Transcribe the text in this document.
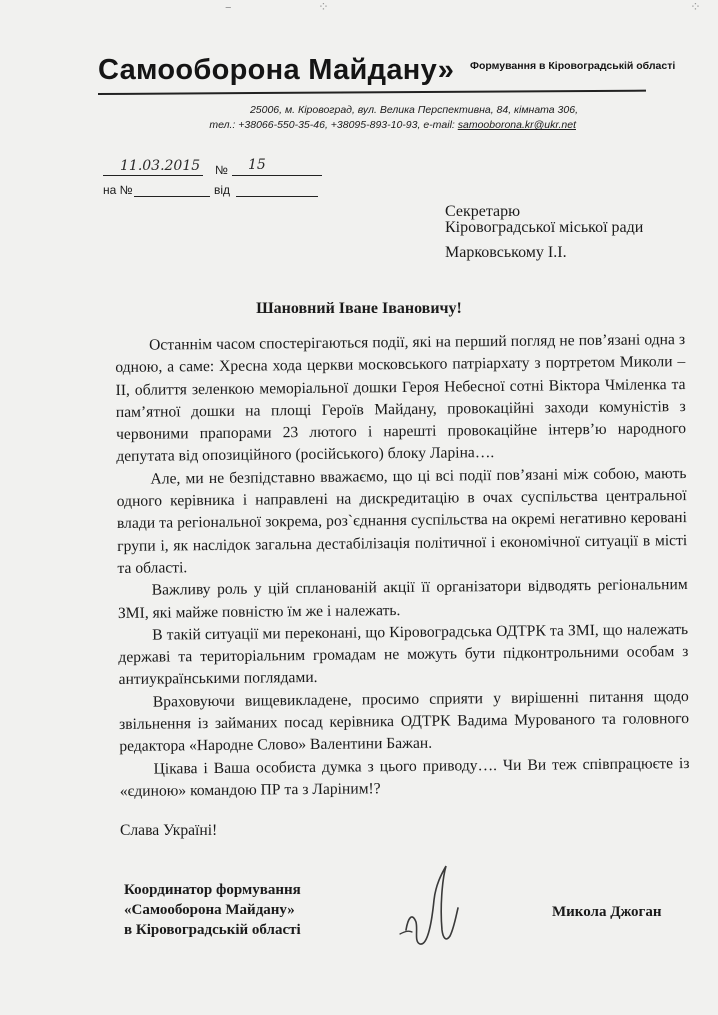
–	⁘	⁘
Самооборона Майдану» Формування в Кіровоградській області
25006, м. Кіровоград, вул. Велика Перспективна, 84, кімната 306,
тел.: +38066-550-35-46, +38095-893-10-93, e-mail: samooborona.kr@ukr.net
11.03.2015 № 15
на №	від
Секретарю
Кіровоградської міської ради
Марковському І.І.
Шановний Іване Івановичу!

Останнім часом спостерігаються події, які на перший погляд не пов’язані одна з одною, а саме: Хресна хода церкви московського патріархату з портретом Миколи –ІІ, облиття зеленкою меморіальної дошки Героя Небесної сотні Віктора Чміленка та пам’ятної дошки на площі Героїв Майдану, провокаційні заходи комуністів з червоними прапорами 23 лютого і нарешті провокаційне інтерв’ю народного депутата від опозиційного (російського) блоку Ларіна….

Але, ми не безпідставно вважаємо, що ці всі події пов’язані між собою, мають одного керівника і направлені на дискредитацію в очах суспільства центральної влади та регіональної зокрема, роз`єднання суспільства на окремі негативно керовані групи і, як наслідок загальна дестабілізація політичної і економічної ситуації в місті та області.

Важливу роль у цій спланованій акції її організатори відводять регіональним ЗМІ, які майже повністю їм же і належать.

В такій ситуації ми переконані, що Кіровоградська ОДТРК та ЗМІ, що належать державі та територіальним громадам не можуть бути підконтрольними особам з антиукраїнськими поглядами.

Враховуючи вищевикладене, просимо сприяти у вирішенні питання щодо звільнення із займаних посад керівника ОДТРК Вадима Мурованого та головного редактора «Народне Слово» Валентини Бажан.

Цікава і Ваша особиста думка з цього приводу…. Чи Ви теж співпрацюєте із «єдиною» командою ПР та з Ларіним!?

Слава Україні!
Координатор формування
«Самооборона Майдану»
в Кіровоградській області
Микола Джоган
